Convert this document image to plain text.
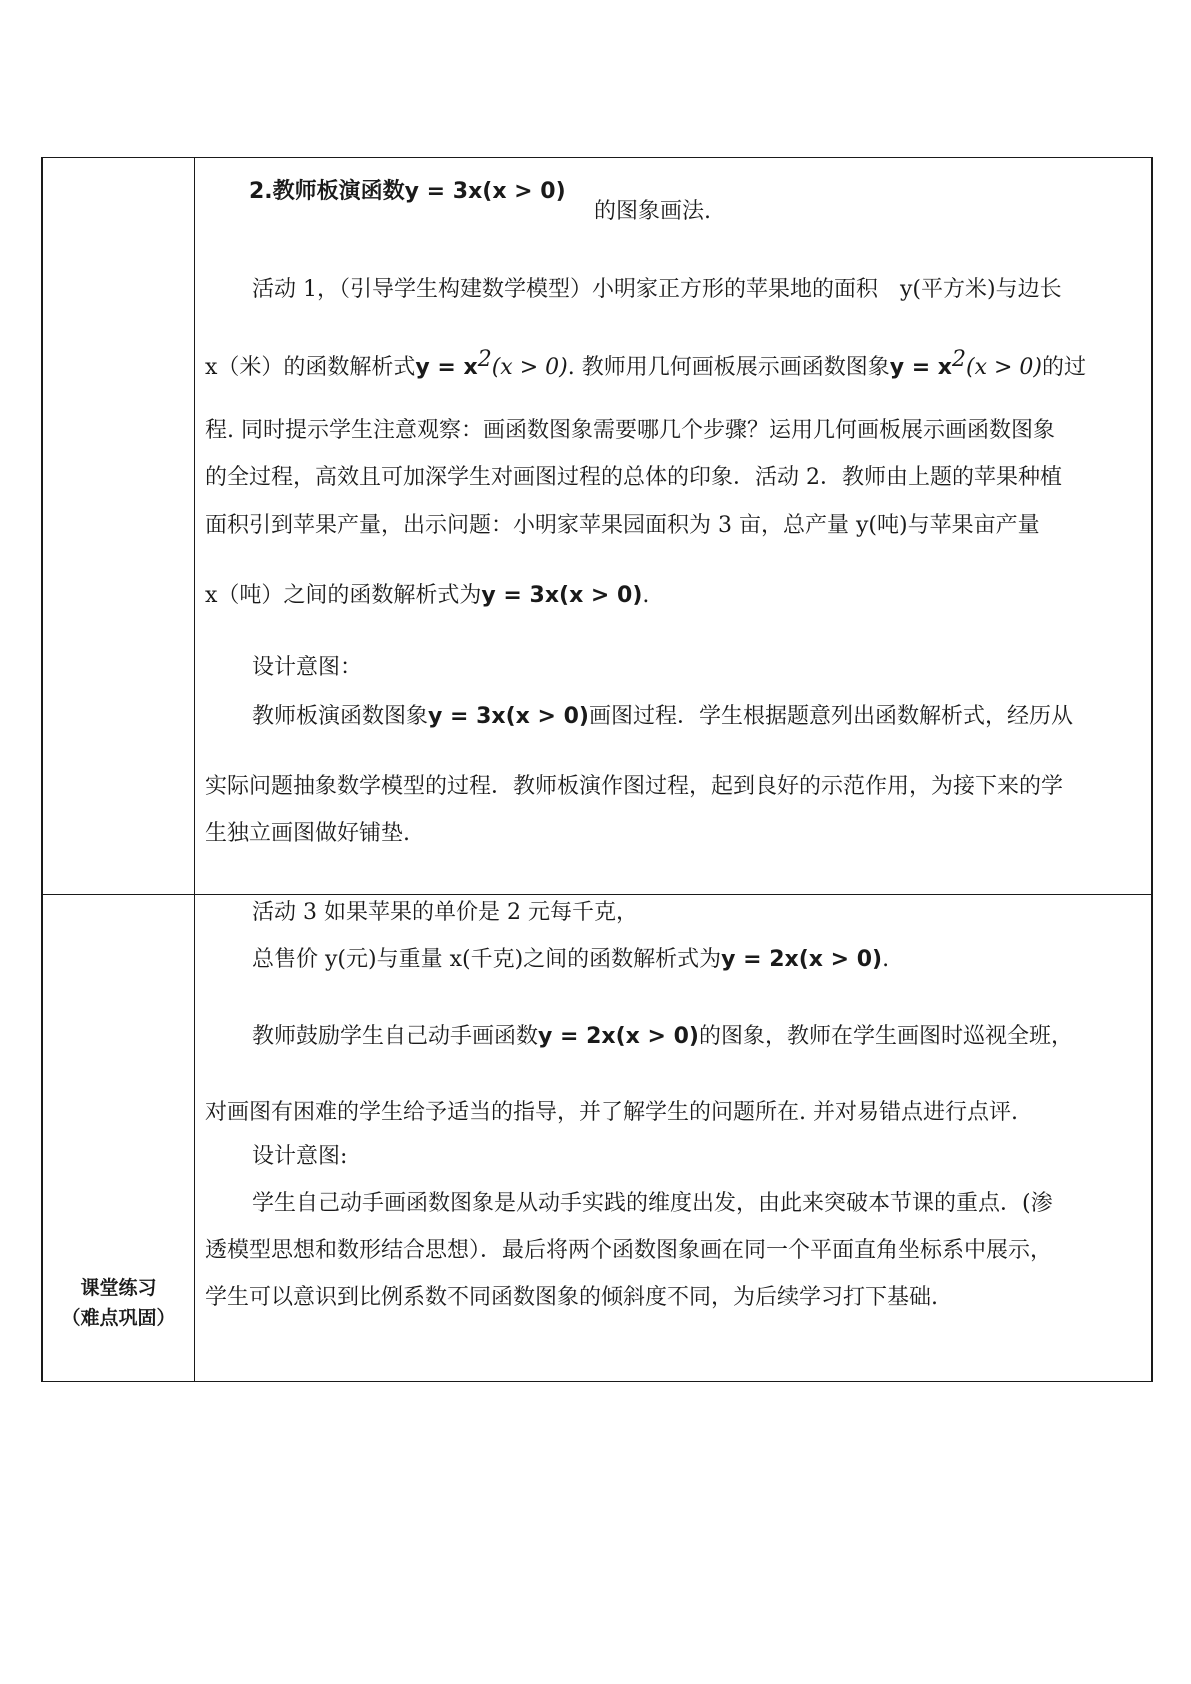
课堂练习
（难点巩固）
2.教师板演函数y = 3x(x > 0)
的图象画法.
活动 1，（引导学生构建数学模型）小明家正方形的苹果地的面积　y(平方米)与边长
x（米）的函数解析式$y = x^2(x > 0)$. 教师用几何画板展示画函数图象$y = x^2(x > 0)$的过
程. 同时提示学生注意观察：画函数图象需要哪几个步骤？运用几何画板展示画函数图象
的全过程，高效且可加深学生对画图过程的总体的印象．活动 2．教师由上题的苹果种植
面积引到苹果产量，出示问题：小明家苹果园面积为 3 亩，总产量 y(吨)与苹果亩产量
x（吨）之间的函数解析式为y = 3x(x > 0).
设计意图：
教师板演函数图象y = 3x(x > 0)画图过程．学生根据题意列出函数解析式，经历从
实际问题抽象数学模型的过程．教师板演作图过程，起到良好的示范作用，为接下来的学
生独立画图做好铺垫.
活动 3 如果苹果的单价是 2 元每千克，
总售价 y(元)与重量 x(千克)之间的函数解析式为y = 2x(x > 0).
教师鼓励学生自己动手画函数y = 2x(x > 0)的图象，教师在学生画图时巡视全班，
对画图有困难的学生给予适当的指导，并了解学生的问题所在. 并对易错点进行点评.
设计意图:
学生自己动手画函数图象是从动手实践的维度出发，由此来突破本节课的重点．(渗
透模型思想和数形结合思想）．最后将两个函数图象画在同一个平面直角坐标系中展示，
学生可以意识到比例系数不同函数图象的倾斜度不同，为后续学习打下基础.
